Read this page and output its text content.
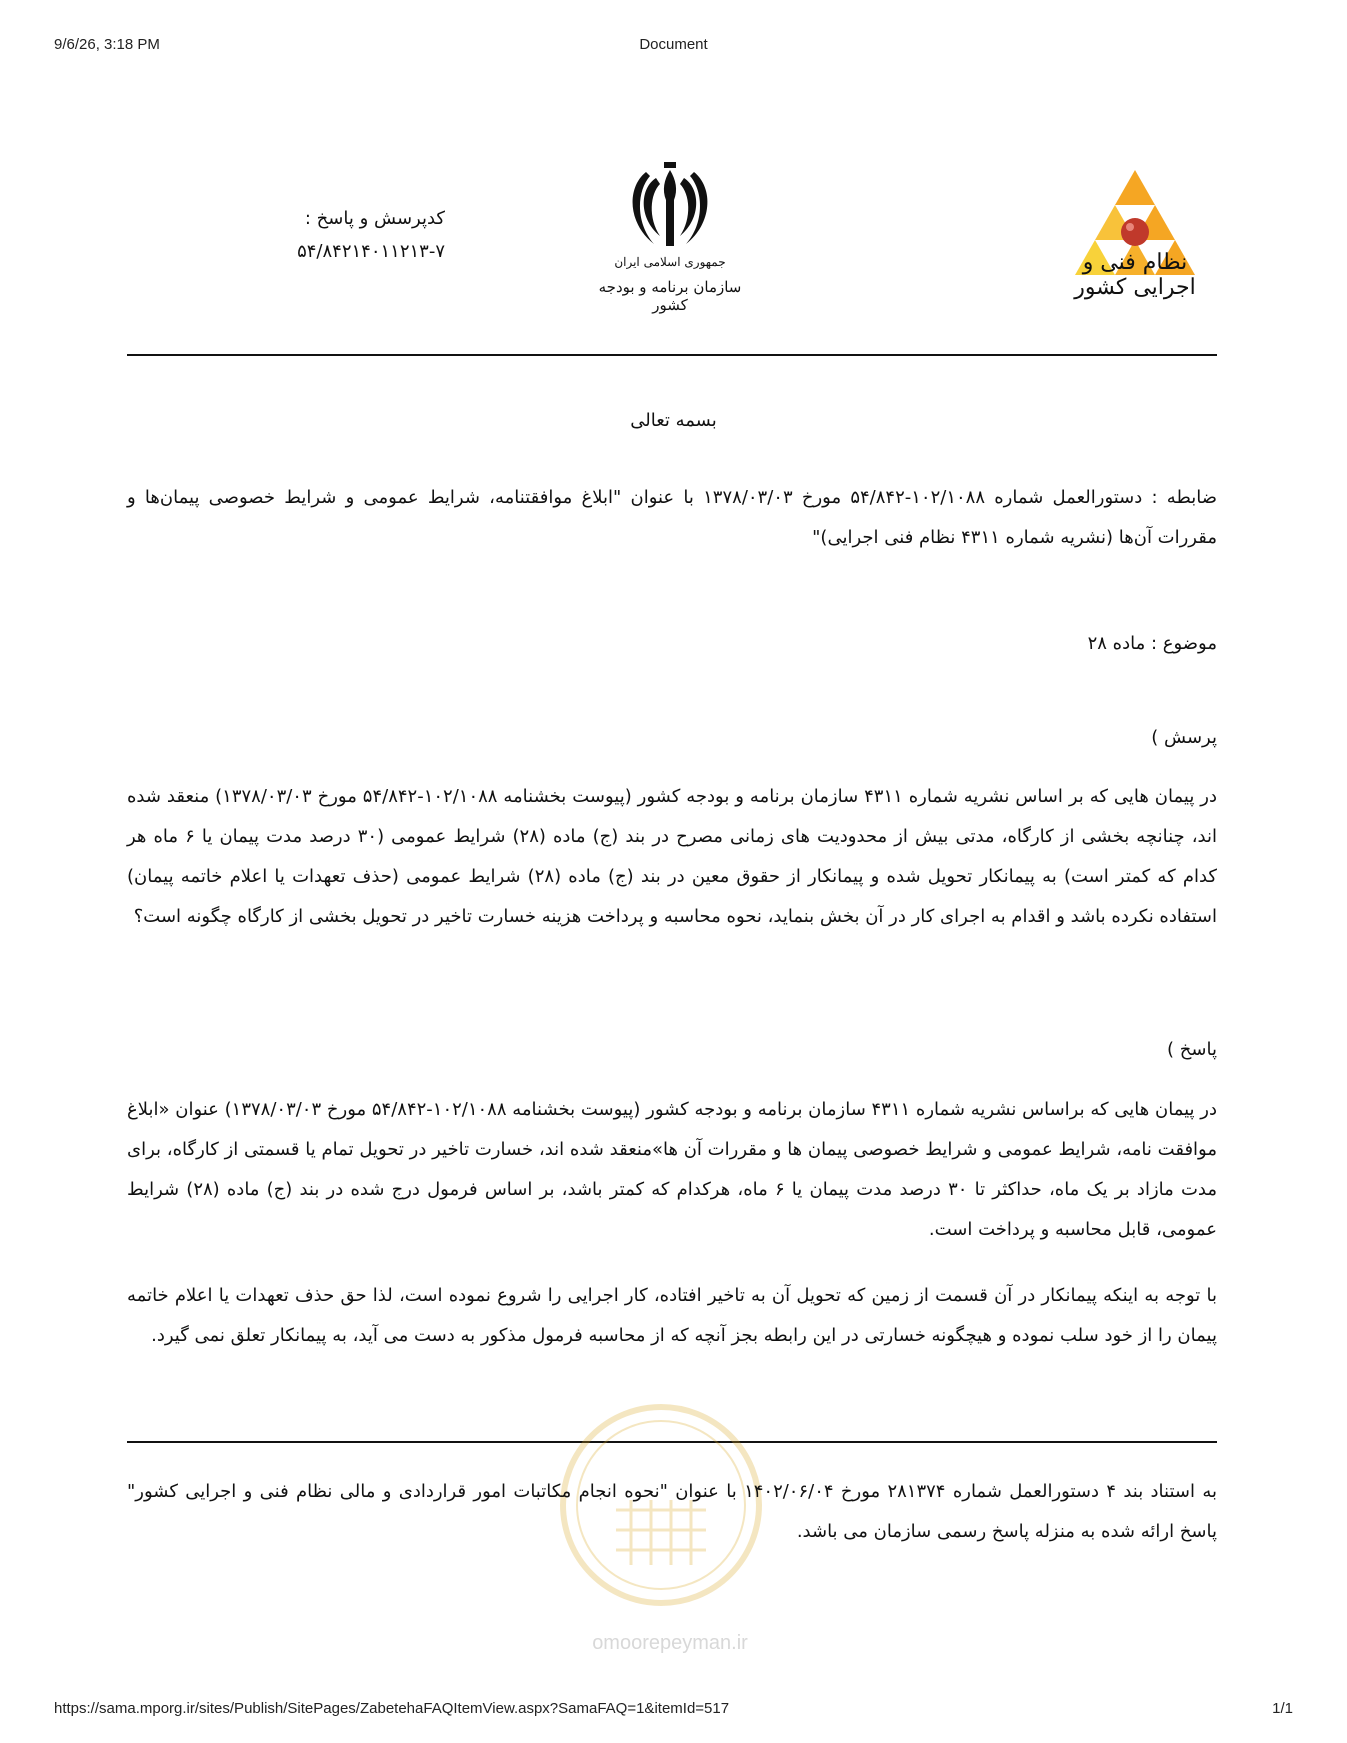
9/6/26, 3:18 PM	Document
نظام فنی و اجرایی کشور
جمهوری اسلامی ایران
سازمان برنامه و بودجه کشور
کدپرسش و پاسخ :
۵۴/۸۴۲۱۴۰۱۱۲۱۳-۷
بسمه تعالی
ضابطه : دستورالعمل شماره ۱۰۲/۱۰۸۸-۵۴/۸۴۲ مورخ ۱۳۷۸/۰۳/۰۳ با عنوان "ابلاغ موافقتنامه، شرایط عمومی و شرایط خصوصی پیمان‌ها و مقررات آن‌ها (نشریه شماره ۴۳۱۱ نظام فنی اجرایی)"
موضوع : ماده ۲۸
پرسش )
در پیمان هایی که بر اساس نشریه شماره ۴۳۱۱ سازمان برنامه و بودجه کشور (پیوست بخشنامه ۱۰۲/۱۰۸۸-۵۴/۸۴۲ مورخ ۱۳۷۸/۰۳/۰۳) منعقد شده اند، چنانچه بخشی از کارگاه، مدتی بیش از محدودیت های زمانی مصرح در بند (ج) ماده (۲۸) شرایط عمومی (۳۰ درصد مدت پیمان یا ۶ ماه هر کدام که کمتر است) به پیمانکار تحویل شده و پیمانکار از حقوق معین در بند (ج) ماده (۲۸) شرایط عمومی (حذف تعهدات یا اعلام خاتمه پیمان) استفاده نکرده باشد و اقدام به اجرای کار در آن بخش بنماید، نحوه محاسبه و پرداخت هزینه خسارت تاخیر در تحویل بخشی از کارگاه چگونه است؟
پاسخ )
در پیمان هایی که براساس نشریه شماره ۴۳۱۱ سازمان برنامه و بودجه کشور (پیوست بخشنامه ۱۰۲/۱۰۸۸-۵۴/۸۴۲ مورخ ۱۳۷۸/۰۳/۰۳) عنوان «ابلاغ موافقت نامه، شرایط عمومی و شرایط خصوصی پیمان ها و مقررات آن ها»منعقد شده اند، خسارت تاخیر در تحویل تمام یا قسمتی از کارگاه، برای مدت مازاد بر یک ماه، حداکثر تا ۳۰ درصد مدت پیمان یا ۶ ماه، هرکدام که کمتر باشد، بر اساس فرمول درج شده در بند (ج) ماده (۲۸) شرایط عمومی، قابل محاسبه و پرداخت است.
با توجه به اینکه پیمانکار در آن قسمت از زمین که تحویل آن به تاخیر افتاده، کار اجرایی را شروع نموده است، لذا حق حذف تعهدات یا اعلام خاتمه پیمان را از خود سلب نموده و هیچگونه خسارتی در این رابطه بجز آنچه که از محاسبه فرمول مذکور به دست می آید، به پیمانکار تعلق نمی گیرد.
به استناد بند ۴ دستورالعمل شماره ۲۸۱۳۷۴ مورخ ۱۴۰۲/۰۶/۰۴ با عنوان "نحوه انجام مکاتبات امور قراردادی و مالی نظام فنی و اجرایی کشور" پاسخ ارائه شده به منزله پاسخ رسمی سازمان می باشد.
omoorepeyman.ir
https://sama.mporg.ir/sites/Publish/SitePages/ZabetehaFAQItemView.aspx?SamaFAQ=1&itemId=517	1/1
